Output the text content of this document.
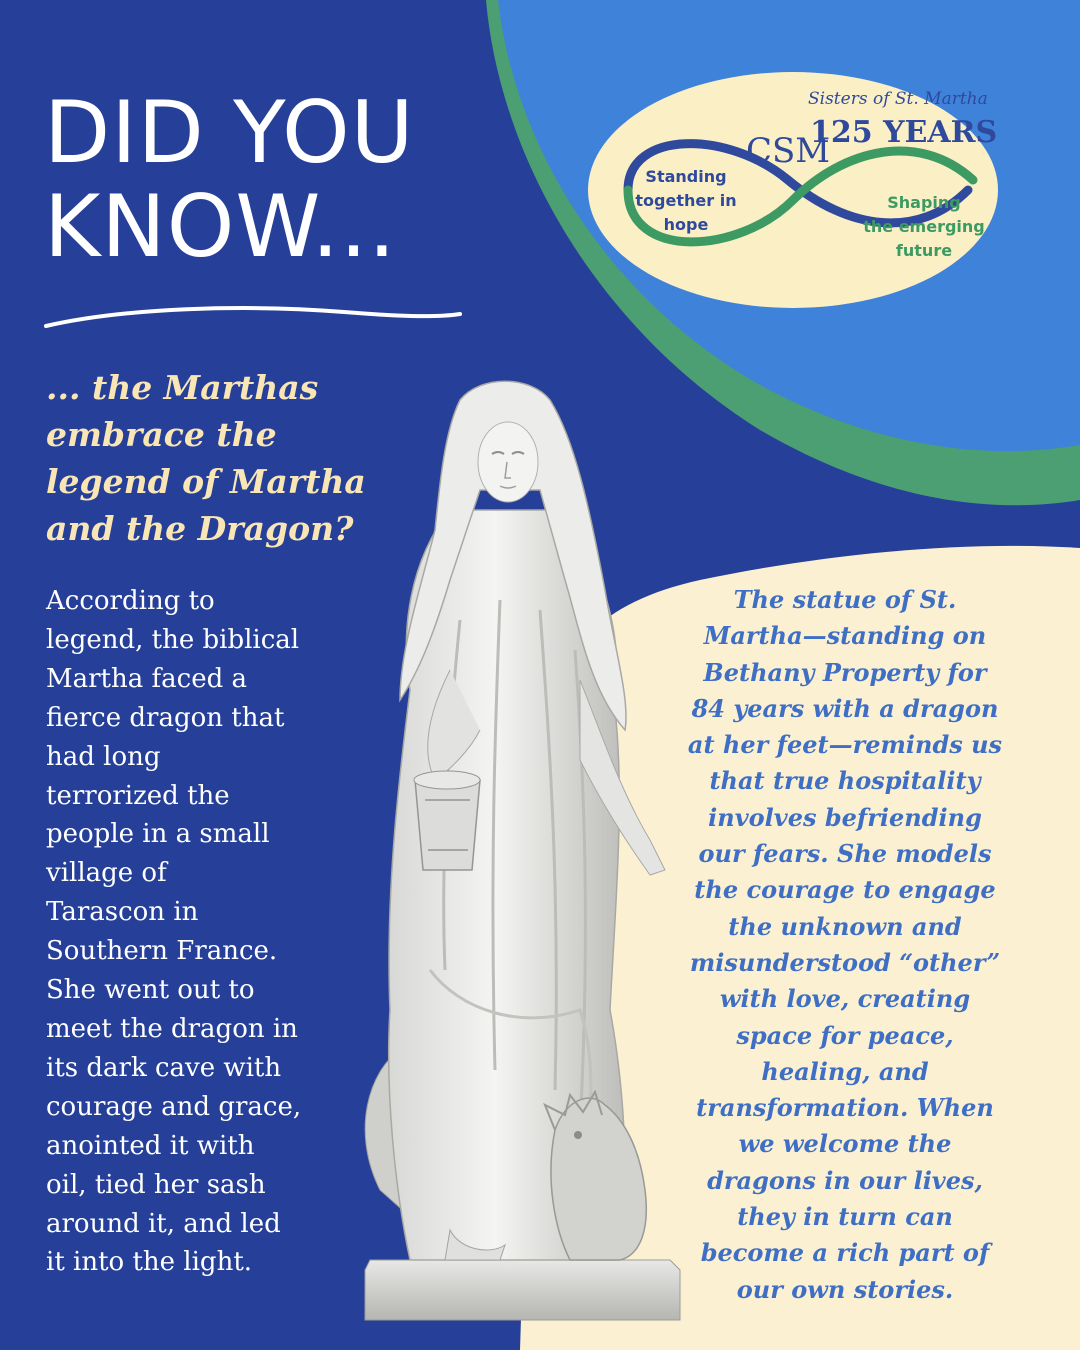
DID YOU
KNOW...
... the Marthas
embrace the
legend of Martha
and the Dragon?
According to
legend, the biblical
Martha faced a
fierce dragon that
had long
terrorized the
people in a small
village of
Tarascon in
Southern France.
She went out to
meet the dragon in
its dark cave with
courage and grace,
anointed it with
oil, tied her sash
around it, and led
it into the light.
The statue of St.
Martha—standing on
Bethany Property for
84 years with a dragon
at her feet—reminds us
that true hospitality
involves befriending
our fears. She models
the courage to engage
the unknown and
misunderstood “other”
with love, creating
space for peace,
healing, and
transformation. When
we welcome the
dragons in our lives,
they in turn can
become a rich part of
our own stories.
CSM
Sisters of St. Martha
125 YEARS
Standing
together in
hope
Shaping
the emerging
future
